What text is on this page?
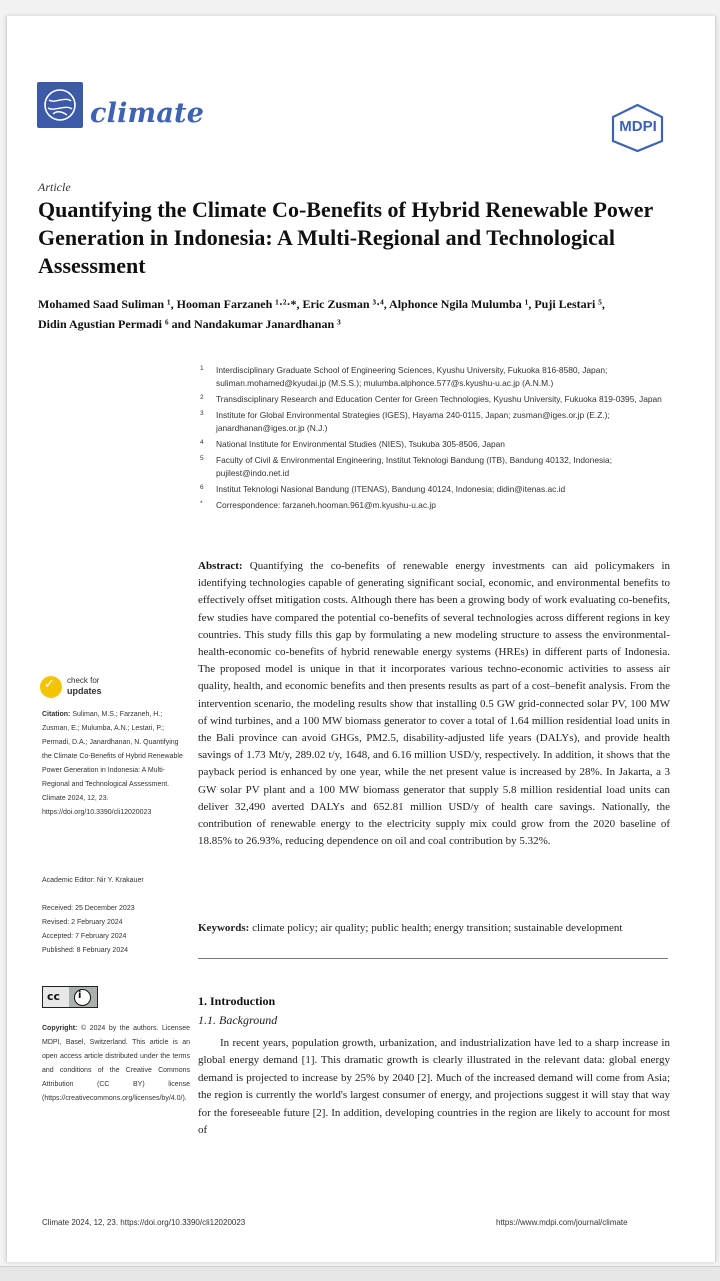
climate	MDPI
Article
Quantifying the Climate Co-Benefits of Hybrid Renewable Power Generation in Indonesia: A Multi-Regional and Technological Assessment
Mohamed Saad Suliman ¹, Hooman Farzaneh ¹·²·*, Eric Zusman ³·⁴, Alphonce Ngila Mulumba ¹, Puji Lestari ⁵,
Didin Agustian Permadi ⁶ and Nandakumar Janardhanan ³
1 Interdisciplinary Graduate School of Engineering Sciences, Kyushu University, Fukuoka 816-8580, Japan; suliman.mohamed@kyudai.jp (M.S.S.); mulumba.alphonce.577@s.kyushu-u.ac.jp (A.N.M.)
2 Transdisciplinary Research and Education Center for Green Technologies, Kyushu University, Fukuoka 819-0395, Japan
3 Institute for Global Environmental Strategies (IGES), Hayama 240-0115, Japan; zusman@iges.or.jp (E.Z.); janardhanan@iges.or.jp (N.J.)
4 National Institute for Environmental Studies (NIES), Tsukuba 305-8506, Japan
5 Faculty of Civil & Environmental Engineering, Institut Teknologi Bandung (ITB), Bandung 40132, Indonesia; pujilest@indo.net.id
6 Institut Teknologi Nasional Bandung (ITENAS), Bandung 40124, Indonesia; didin@itenas.ac.id
* Correspondence: farzaneh.hooman.961@m.kyushu-u.ac.jp
Abstract: Quantifying the co-benefits of renewable energy investments can aid policymakers in identifying technologies capable of generating significant social, economic, and environmental benefits to effectively offset mitigation costs. Although there has been a growing body of work evaluating co-benefits, few studies have compared the potential co-benefits of several technologies across different regions in key countries. This study fills this gap by formulating a new modeling structure to assess the environmental-health-economic co-benefits of hybrid renewable energy systems (HREs) in different parts of Indonesia. The proposed model is unique in that it incorporates various techno-economic activities to assess air quality, health, and economic benefits and then presents results as part of a cost–benefit analysis. From the intervention scenario, the modeling results show that installing 0.5 GW grid-connected solar PV, 100 MW of wind turbines, and a 100 MW biomass generator to cover a total of 1.64 million residential load units in the Bali province can avoid GHGs, PM2.5, disability-adjusted life years (DALYs), and provide health savings of 1.73 Mt/y, 289.02 t/y, 1648, and 6.16 million USD/y, respectively. In addition, it shows that the payback period is enhanced by one year, while the net present value is increased by 28%. In Jakarta, a 3 GW solar PV plant and a 100 MW biomass generator that supply 5.8 million residential load units can deliver 32,490 averted DALYs and 652.81 million USD/y of health care savings. Nationally, the contribution of renewable energy to the electricity supply mix could grow from the 2020 baseline of 18.85% to 26.93%, reducing dependence on oil and coal contribution by 5.32%.
Keywords: climate policy; air quality; public health; energy transition; sustainable development
1. Introduction
1.1. Background
In recent years, population growth, urbanization, and industrialization have led to a sharp increase in global energy demand [1]. This dramatic growth is clearly illustrated in the relevant data: global energy demand is projected to increase by 25% by 2040 [2]. Much of the increased demand will come from Asia; the region is currently the world's largest consumer of energy, and projections suggest it will stay that way for the foreseeable future [2]. In addition, developing countries in the region are likely to account for most of
✓ check for
updates
Citation: Suliman, M.S.; Farzaneh, H.; Zusman, E.; Mulumba, A.N.; Lestari, P.; Permadi, D.A.; Janardhanan, N. Quantifying the Climate Co-Benefits of Hybrid Renewable Power Generation in Indonesia: A Multi-Regional and Technological Assessment. Climate 2024, 12, 23. https://doi.org/10.3390/cli12020023
Academic Editor: Nir Y. Krakauer
Received: 25 December 2023
Revised: 2 February 2024
Accepted: 7 February 2024
Published: 8 February 2024
cc i
Copyright: © 2024 by the authors. Licensee MDPI, Basel, Switzerland. This article is an open access article distributed under the terms and conditions of the Creative Commons Attribution (CC BY) license (https://creativecommons.org/licenses/by/4.0/).
Climate 2024, 12, 23. https://doi.org/10.3390/cli12020023	https://www.mdpi.com/journal/climate
